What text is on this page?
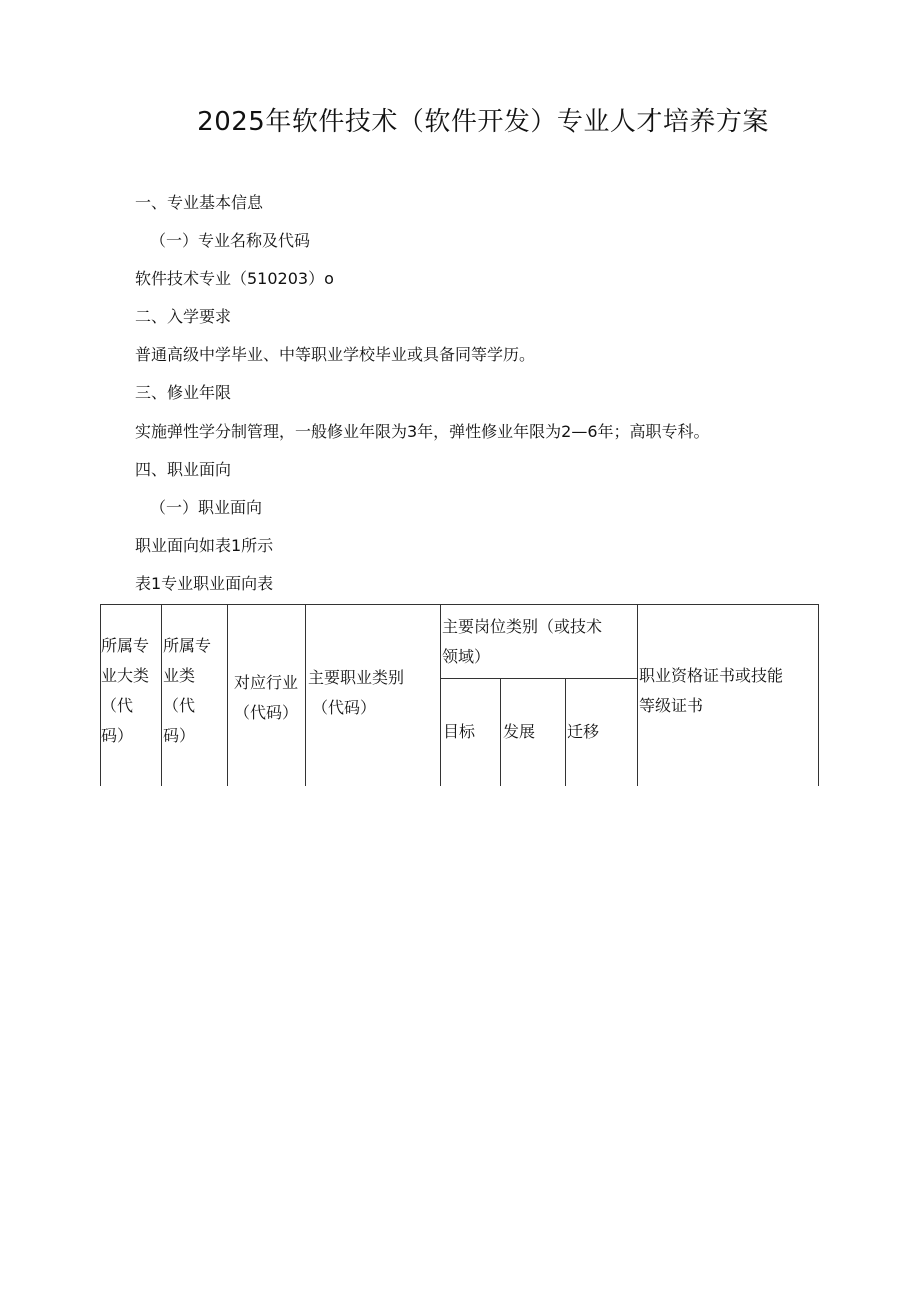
2025年软件技术（软件开发）专业人才培养方案
一、专业基本信息
（一）专业名称及代码
软件技术专业（510203）o
二、入学要求
普通高级中学毕业、中等职业学校毕业或具备同等学历。
三、修业年限
实施弹性学分制管理，一般修业年限为3年，弹性修业年限为2—6年；高职专科。
四、职业面向
（一）职业面向
职业面向如表1所示
表1专业职业面向表
所属专
业大类
（代
码）
所属专
业类
（代
码）
对应行业
（代码）
主要职业类别
（代码）
主要岗位类别（或技术
领域）
目标 发展 迁移
职业资格证书或技能
等级证书
